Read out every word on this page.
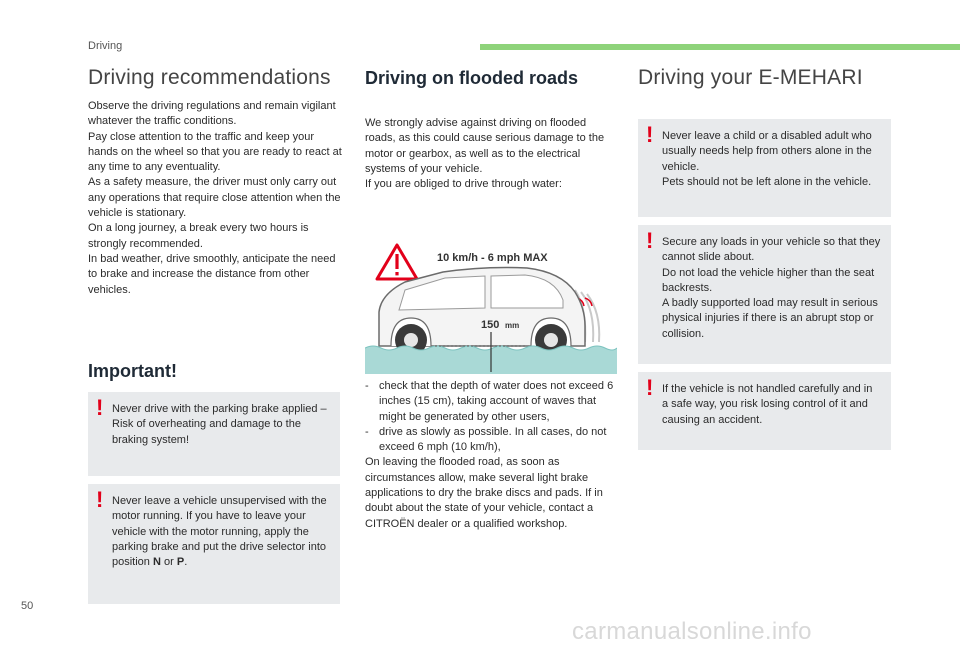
Driving
Driving recommendations

Observe the driving regulations and remain vigilant whatever the traffic conditions.

Pay close attention to the traffic and keep your hands on the wheel so that you are ready to react at any time to any eventuality.

As a safety measure, the driver must only carry out any operations that require close attention when the vehicle is stationary.

On a long journey, a break every two hours is strongly recommended.

In bad weather, drive smoothly, anticipate the need to brake and increase the distance from other vehicles.

Important!
! Never drive with the parking brake applied – Risk of overheating and damage to the braking system!
! Never leave a vehicle unsupervised with the motor running. If you have to leave your vehicle with the motor running, apply the parking brake and put the drive selector into position N or P.
Driving on flooded roads

We strongly advise against driving on flooded roads, as this could cause serious damage to the motor or gearbox, as well as to the electrical systems of your vehicle.

If you are obliged to drive through water:

10 km/h - 6 mph MAX
150 mm
- check that the depth of water does not exceed 6 inches (15 cm), taking account of waves that might be generated by other users,
- drive as slowly as possible. In all cases, do not exceed 6 mph (10 km/h),

On leaving the flooded road, as soon as circumstances allow, make several light brake applications to dry the brake discs and pads. If in doubt about the state of your vehicle, contact a CITROËN dealer or a qualified workshop.

Driving your E-MEHARI
! Never leave a child or a disabled adult who usually needs help from others alone in the vehicle.

Pets should not be left alone in the vehicle.

! Secure any loads in your vehicle so that they cannot slide about.

Do not load the vehicle higher than the seat backrests.

A badly supported load may result in serious physical injuries if there is an abrupt stop or collision.

! If the vehicle is not handled carefully and in a safe way, you risk losing control of it and causing an accident.
50
carmanualsonline.info
